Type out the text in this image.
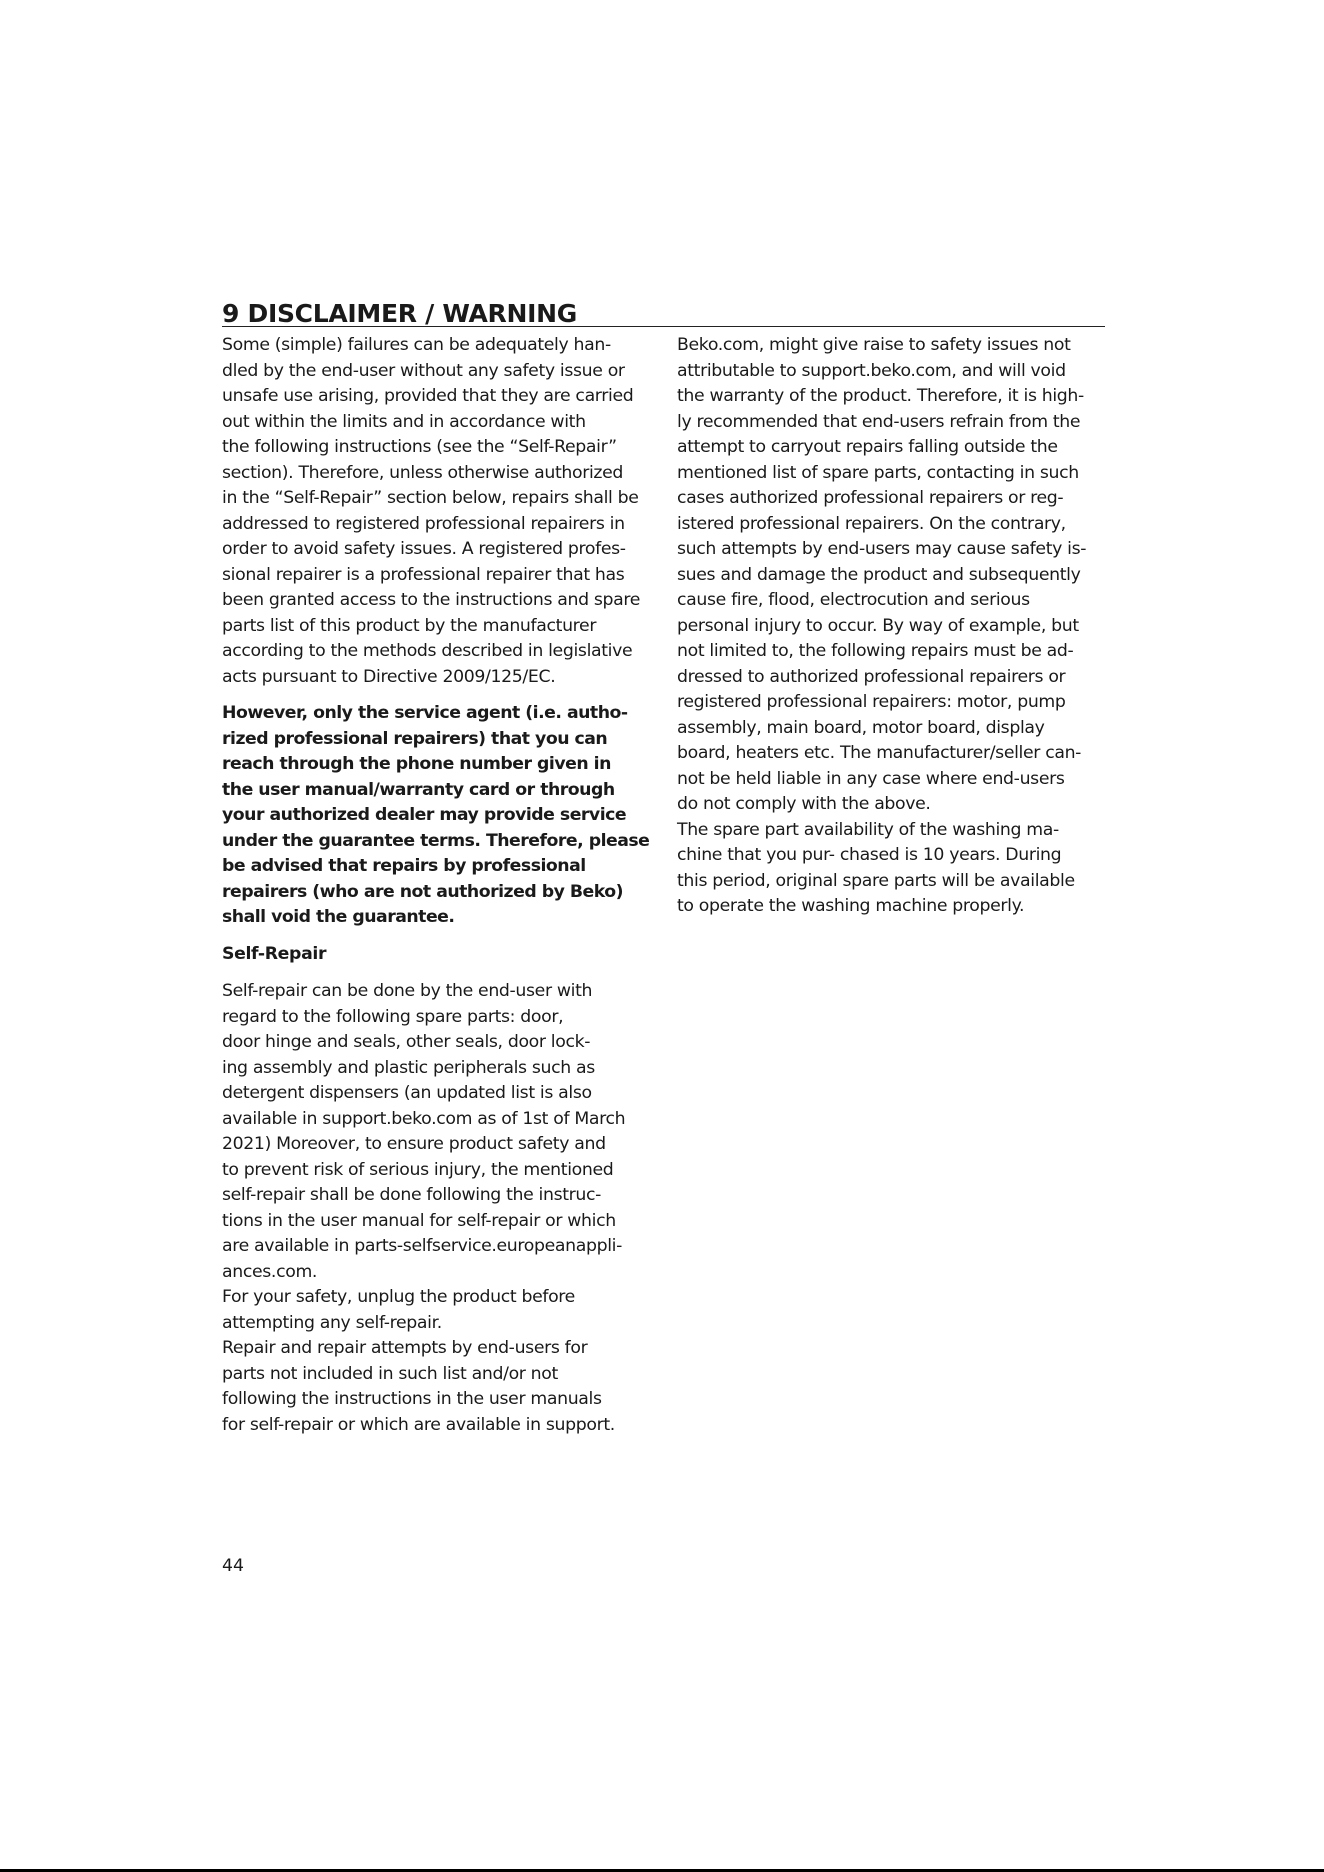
9 DISCLAIMER / WARNING
Some (simple) failures can be adequately han-
dled by the end-user without any safety issue or
unsafe use arising, provided that they are carried
out within the limits and in accordance with
the following instructions (see the “Self-Repair”
section). Therefore, unless otherwise authorized
in the “Self-Repair” section below, repairs shall be
addressed to registered professional repairers in
order to avoid safety issues. A registered profes-
sional repairer is a professional repairer that has
been granted access to the instructions and spare
parts list of this product by the manufacturer
according to the methods described in legislative
acts pursuant to Directive 2009/125/EC.
However, only the service agent (i.e. autho-
rized professional repairers) that you can
reach through the phone number given in
the user manual/warranty card or through
your authorized dealer may provide service
under the guarantee terms. Therefore, please
be advised that repairs by professional
repairers (who are not authorized by Beko)
shall void the guarantee.
Self-Repair
Self-repair can be done by the end-user with
regard to the following spare parts: door,
door hinge and seals, other seals, door lock-
ing assembly and plastic peripherals such as
detergent dispensers (an updated list is also
available in support.beko.com as of 1st of March
2021) Moreover, to ensure product safety and
to prevent risk of serious injury, the mentioned
self-repair shall be done following the instruc-
tions in the user manual for self-repair or which
are available in parts-selfservice.europeanappli-
ances.com.
For your safety, unplug the product before
attempting any self-repair.
Repair and repair attempts by end-users for
parts not included in such list and/or not
following the instructions in the user manuals
for self-repair or which are available in support.
Beko.com, might give raise to safety issues not
attributable to support.beko.com, and will void
the warranty of the product. Therefore, it is high-
ly recommended that end-users refrain from the
attempt to carryout repairs falling outside the
mentioned list of spare parts, contacting in such
cases authorized professional repairers or reg-
istered professional repairers. On the contrary,
such attempts by end-users may cause safety is-
sues and damage the product and subsequently
cause fire, flood, electrocution and serious
personal injury to occur. By way of example, but
not limited to, the following repairs must be ad-
dressed to authorized professional repairers or
registered professional repairers: motor, pump
assembly, main board, motor board, display
board, heaters etc. The manufacturer/seller can-
not be held liable in any case where end-users
do not comply with the above.
The spare part availability of the washing ma-
chine that you pur- chased is 10 years. During
this period, original spare parts will be available
to operate the washing machine properly.
44
